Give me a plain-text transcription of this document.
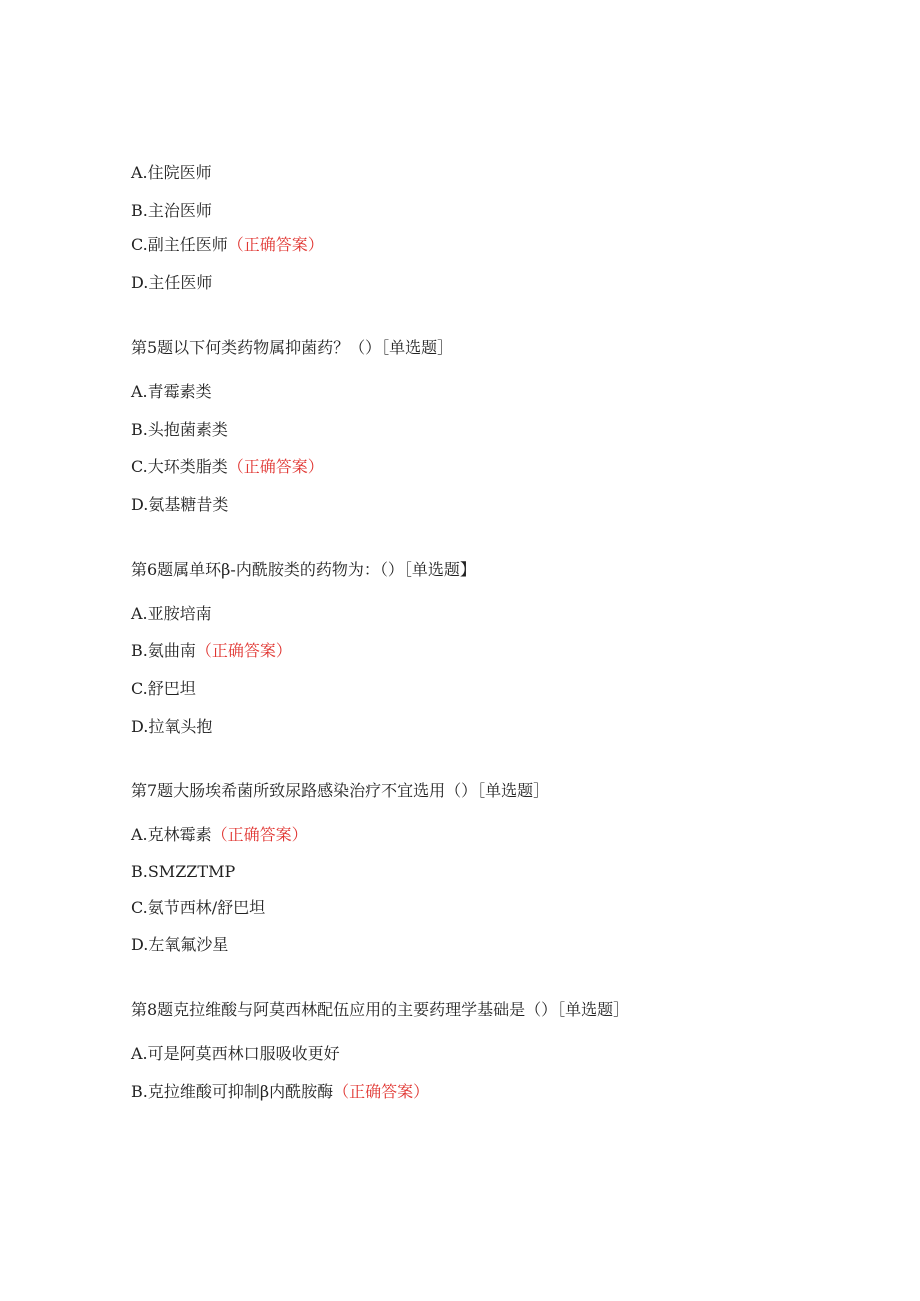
A.住院医师
B.主治医师
C.副主任医师（正确答案）
D.主任医师
第5题以下何类药物属抑菌药？（）［单选题］
A.青霉素类
B.头抱菌素类
C.大环类脂类（正确答案）
D.氨基糖昔类
第6题属单环β-内酰胺类的药物为：（）［单选题】
A.亚胺培南
B.氨曲南（正确答案）
C.舒巴坦
D.拉氧头抱
第7题大肠埃希菌所致尿路感染治疗不宜选用（）［单选题］
A.克林霉素（正确答案）
B.SMZZTMP
C.氨节西林/舒巴坦
D.左氧氟沙星
第8题克拉维酸与阿莫西林配伍应用的主要药理学基础是（）［单选题］
A.可是阿莫西林口服吸收更好
B.克拉维酸可抑制β内酰胺酶（正确答案）
